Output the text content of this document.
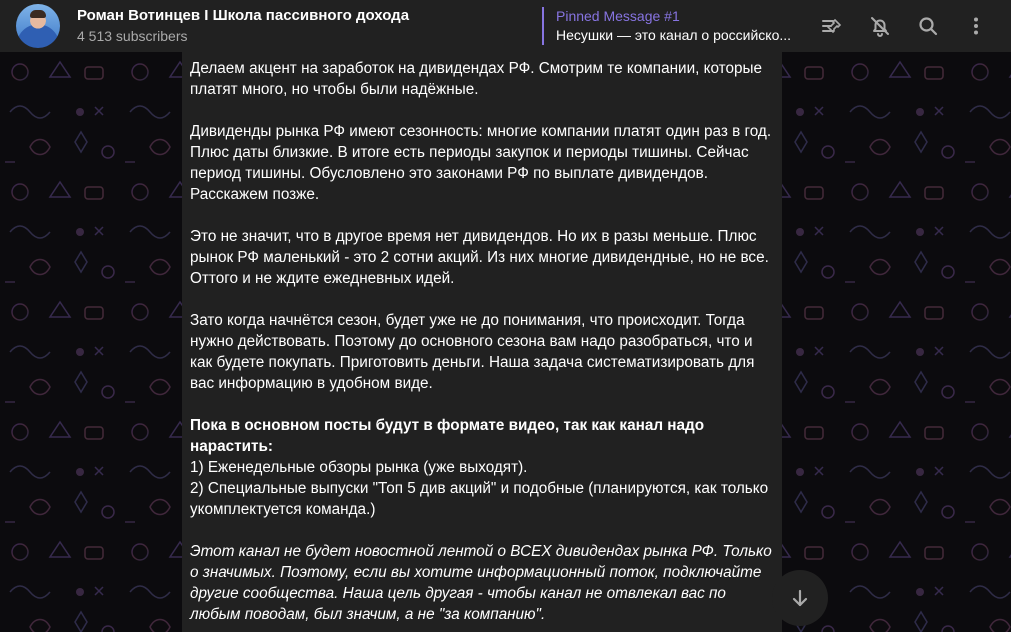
Роман Вотинцев I Школа пассивного дохода
4 513 subscribers
Pinned Message #1
Несушки — это канал о российско...

Делаем акцент на заработок на дивидендах РФ. Смотрим те компании, которые платят много, но чтобы были надёжные.

Дивиденды рынка РФ имеют сезонность: многие компании платят один раз в год. Плюс даты близкие. В итоге есть периоды закупок и периоды тишины. Сейчас период тишины. Обусловлено это законами РФ по выплате дивидендов. Расскажем позже.

Это не значит, что в другое время нет дивидендов. Но их в разы меньше. Плюс рынок РФ маленький - это 2 сотни акций. Из них многие дивидендные, но не все. Оттого и не ждите ежедневных идей.

Зато когда начнётся сезон, будет уже не до понимания, что происходит. Тогда нужно действовать. Поэтому до основного сезона вам надо разобраться, что и как будете покупать. Приготовить деньги. Наша задача систематизировать для вас информацию в удобном виде.

Пока в основном посты будут в формате видео, так как канал надо нарастить:
1) Еженедельные обзоры рынка (уже выходят).
2) Специальные выпуски "Топ 5 див акций" и подобные (планируются, как только укомплектуется команда.)

Этот канал не будет новостной лентой о ВСЕХ дивидендах рынка РФ. Только о значимых. Поэтому, если вы хотите информационный поток, подключайте другие сообщества. Наша цель другая - чтобы канал не отвлекал вас по любым поводам, был значим, а не "за компанию".
